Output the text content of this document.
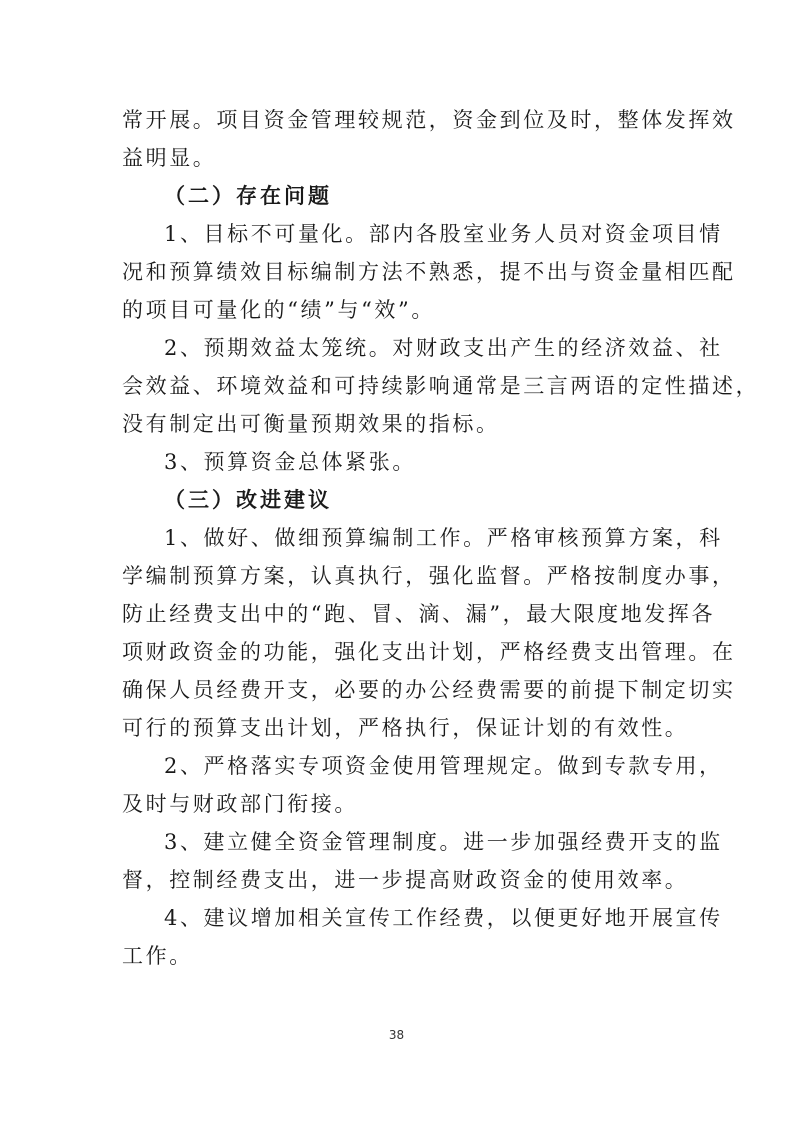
常开展。项目资金管理较规范，资金到位及时，整体发挥效
益明显。
（二）存在问题
1、目标不可量化。部内各股室业务人员对资金项目情
况和预算绩效目标编制方法不熟悉，提不出与资金量相匹配
的项目可量化的“绩”与“效”。
2、预期效益太笼统。对财政支出产生的经济效益、社
会效益、环境效益和可持续影响通常是三言两语的定性描述，
没有制定出可衡量预期效果的指标。
3、预算资金总体紧张。
（三）改进建议
1、做好、做细预算编制工作。严格审核预算方案，科
学编制预算方案，认真执行，强化监督。严格按制度办事，
防止经费支出中的“跑、冒、滴、漏”，最大限度地发挥各
项财政资金的功能，强化支出计划，严格经费支出管理。在
确保人员经费开支，必要的办公经费需要的前提下制定切实
可行的预算支出计划，严格执行，保证计划的有效性。
2、严格落实专项资金使用管理规定。做到专款专用，
及时与财政部门衔接。
3、建立健全资金管理制度。进一步加强经费开支的监
督，控制经费支出，进一步提高财政资金的使用效率。
4、建议增加相关宣传工作经费，以便更好地开展宣传
工作。
38
